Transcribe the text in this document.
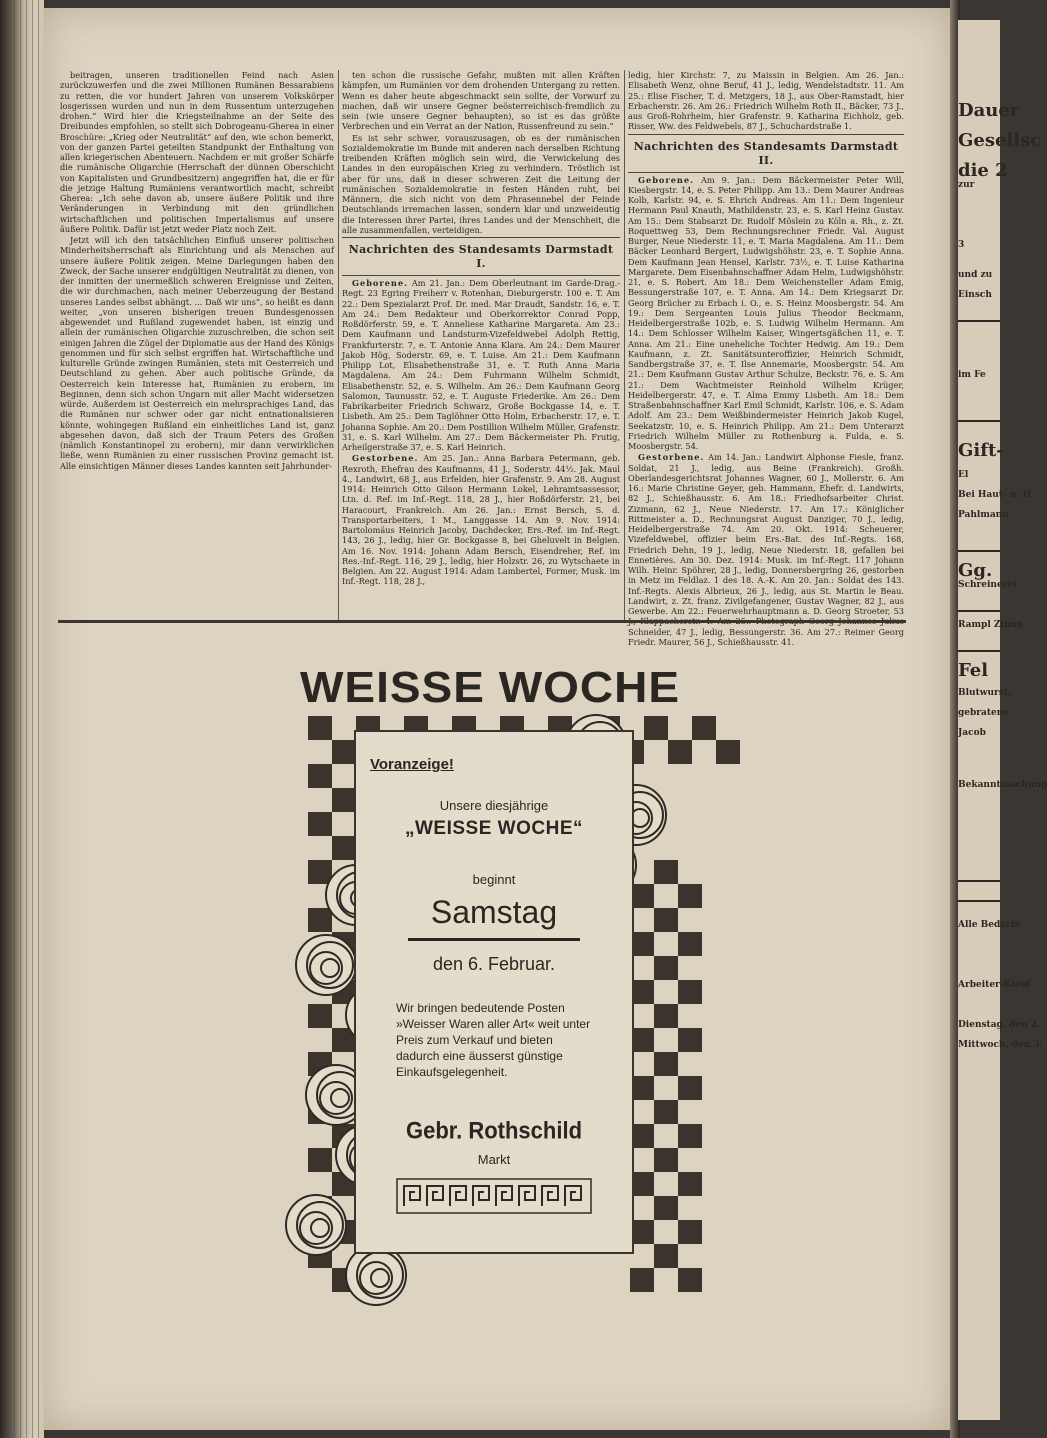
beitragen, unseren traditionellen Feind nach Asien zurückzuwerfen und die zwei Millionen Rumänen Bessarabiens zu retten, die vor hundert Jahren von unserem Volkskörper losgerissen wurden und nun in dem Russentum unterzugehen drohen.“ Wird hier die Kriegsteilnahme an der Seite des Dreibundes empfohlen, so stellt sich Dobrogeanu-Gherea in einer Broschüre: „Krieg oder Neutralität“ auf den, wie schon bemerkt, von der ganzen Partei geteilten Standpunkt der Enthaltung von allen kriegerischen Abenteuern. Nachdem er mit großer Schärfe die rumänische Oligarchie (Herrschaft der dünnen Oberschicht von Kapitalisten und Grundbesitzern) angegriffen hat, die er für die jetzige Haltung Rumäniens verantwortlich macht, schreibt Gherea: „Ich sehe davon ab, unsere äußere Politik und ihre Veränderungen in Verbindung mit den gründlichen wirtschaftlichen und politischen Imperialismus auf unsere äußere Politik. Dafür ist jetzt weder Platz noch Zeit.

Jetzt will ich den tatsächlichen Einfluß unserer politischen Minderheitsherrschaft als Einrichtung und als Menschen auf unsere äußere Politik zeigen. Meine Darlegungen haben den Zweck, der Sache unserer endgültigen Neutralität zu dienen, von der inmitten der unermeßlich schweren Ereignisse und Zeiten, die wir durchmachen, nach meiner Ueberzeugung der Bestand unseres Landes selbst abhängt. ... Daß wir uns“, so heißt es dann weiter, „von unseren bisherigen treuen Bundesgenossen abgewendet und Rußland zugewendet haben, ist einzig und allein der rumänischen Oligarchie zuzuschreiben, die schon seit einigen Jahren die Zügel der Diplomatie aus der Hand des Königs genommen und für sich selbst ergriffen hat. Wirtschaftliche und kulturelle Gründe zwingen Rumänien, stets mit Oesterreich und Deutschland zu gehen. Aber auch politische Gründe, da Oesterreich kein Interesse hat, Rumänien zu erobern, im Beginnen, denn sich schon Ungarn mit aller Macht widersetzen würde. Außerdem ist Oesterreich ein mehrsprachiges Land, das die Rumänen nur schwer oder gar nicht entnationalisieren könnte, wohingegen Rußland ein einheitliches Land ist, ganz abgesehen davon, daß sich der Traum Peters des Großen (nämlich Konstantinopel zu erobern), mir dann verwirklichen ließe, wenn Rumänien zu einer russischen Provinz gemacht ist. Alle einsichtigen Männer dieses Landes kannten seit Jahrhunder-

ten schon die russische Gefahr, mußten mit allen Kräften kämpfen, um Rumänien vor dem drohenden Untergang zu retten. Wenn es daher heute abgeschmackt sein sollte, der Vorwurf zu machen, daß wir unsere Gegner beösterreichisch-fremdlich zu sein (wie unsere Gegner behaupten), so ist es das größte Verbrechen und ein Verrat an der Nation, Russenfreund zu sein.“

Es ist sehr schwer, vorauszusagen, ob es der rumänischen Sozialdemokratie im Bunde mit anderen nach derselben Richtung treibenden Kräften möglich sein wird, die Verwickelung des Landes in den europäischen Krieg zu verhindern. Tröstlich ist aber für uns, daß in dieser schweren Zeit die Leitung der rumänischen Sozialdemokratie in festen Händen ruht, bei Männern, die sich nicht von dem Phrasennebel der Feinde Deutschlands irremachen lassen, sondern klar und unzweideutig die Interessen ihrer Partei, ihres Landes und der Menschheit, die alle zusammenfallen, verteidigen.

Nachrichten des Standesamts Darmstadt I.

Geborene. Am 21. Jan.: Dem Oberleutnant im Garde-Drag.-Regt. 23 Egring Freiherr v. Rotenhan, Dieburgerstr. 100 e. T. Am 22.: Dem Spezialarzt Prof. Dr. med. Mar Draudt, Sandstr. 16, e. T. Am 24.: Dem Redakteur und Oberkorrektor Conrad Popp, Roßdörferstr. 59, e. T. Anneliese Katharine Margareta. Am 23.: Dem Kaufmann und Landsturm-Vizefeldwebel Adolph Rettig, Frankfurterstr. 7, e. T. Antonie Anna Klara. Am 24.: Dem Maurer Jakob Hög, Soderstr. 69, e. T. Luise. Am 21.: Dem Kaufmann Philipp Lot, Elisabethenstraße 31, e. T. Ruth Anna Maria Magdalena. Am 24.: Dem Fuhrmann Wilhelm Schmidt, Elisabethenstr. 52, e. S. Wilhelm. Am 26.: Dem Kaufmann Georg Salomon, Taunusstr. 52, e. T. Auguste Friederike. Am 26.: Dem Fabrikarbeiter Friedrich Schwarz, Große Bockgasse 14, e. T. Lisbeth. Am 25.: Dem Taglöhner Otto Holm, Erbacherstr. 17, e. T. Johanna Sophie. Am 20.: Dem Postillion Wilhelm Müller, Grafenstr. 31, e. S. Karl Wilhelm. Am 27.: Dem Bäckermeister Ph. Frutig, Arheilgerstraße 37, e. S. Karl Heinrich.

Gestorbene. Am 25. Jan.: Anna Barbara Petermann, geb. Rexroth, Ehefrau des Kaufmanns, 41 J., Soderstr. 44½. Jak. Maul 4., Landwirt, 68 J., aus Erfelden, hier Grafenstr. 9. Am 28. August 1914: Heinrich Otto Gilson Hermann Lokel, Lehramtsassessor, Ltn. d. Ref. im Inf.-Regt. 118, 28 J., hier Roßdörferstr. 21, bei Haracourt, Frankreich. Am 26. Jan.: Ernst Bersch, S. d. Transportarbeiters, 1 M., Langgasse 14. Am 9. Nov. 1914: Bartolomäus Heinrich Jacoby, Dachdecker, Ers.-Ref. im Inf.-Regt. 143, 26 J., ledig, hier Gr. Bockgasse 8, bei Gheluvelt in Belgien. Am 16. Nov. 1914: Johann Adam Bersch, Eisendreher, Ref. im Res.-Inf.-Regt. 116, 29 J., ledig, hier Holzstr. 26, zu Wytschaete in Belgien. Am 22. August 1914: Adam Lambertel, Former, Musk. im Inf.-Regt. 118, 28 J.,

ledig, hier Kirchstr. 7, zu Maissin in Belgien. Am 26. Jan.: Elisabeth Wenz, ohne Beruf, 41 J., ledig, Wendelstadtstr. 11. Am 25.: Elise Fischer, T. d. Metzgers, 18 J., aus Ober-Ramstadt, hier Erbacherstr. 26. Am 26.: Friedrich Wilhelm Roth II., Bäcker, 73 J., aus Groß-Rohrheim, hier Grafenstr. 9. Katharina Eichholz, geb. Risser, Ww. des Feldwebels, 87 J., Schuchardstraße 1.

Nachrichten des Standesamts Darmstadt II.

Geborene. Am 9. Jan.: Dem Bäckermeister Peter Will, Kiesbergstr. 14, e. S. Peter Philipp. Am 13.: Dem Maurer Andreas Kolb, Karlstr. 94, e. S. Ehrich Andreas. Am 11.: Dem Ingenieur Hermann Paul Knauth, Mathildenstr. 23, e. S. Karl Heinz Gustav. Am 15.: Dem Stabsarzt Dr. Rudolf Möslein zu Köln a. Rh., z. Zt. Roquettweg 53, Dem Rechnungsrechner Friedr. Val. August Burger, Neue Niederstr. 11, e. T. Maria Magdalena. Am 11.: Dem Bäcker Leonhard Bergert, Ludwigshöhstr. 23, e. T. Sophie Anna. Dem Kaufmann Jean Hensel, Karlstr. 73½, e. T. Luise Katharina Margarete. Dem Eisenbahnschaffner Adam Helm, Ludwigshöhstr. 21, e. S. Robert. Am 18.: Dem Weichensteller Adam Emig, Bessungerstraße 107, e. T. Anna. Am 14.: Dem Kriegsarzt Dr. Georg Brücher zu Erbach i. O., e. S. Heinz Moosbergstr. 54. Am 19.: Dem Sergeanten Louis Julius Theodor Beckmann, Heidelbergerstraße 102b, e. S. Ludwig Wilhelm Hermann. Am 14.: Dem Schlosser Wilhelm Kaiser, Wingertsgäßchen 11, e. T. Anna. Am 21.: Eine uneheliche Tochter Hedwig. Am 19.: Dem Kaufmann, z. Zt. Sanitätsunteroffizier, Heinrich Schmidt, Sandbergstraße 37, e. T. Ilse Annemarie, Moosbergstr. 54. Am 21.: Dem Kaufmann Gustav Arthur Schulze, Beckstr. 76, e. S. Am 21.: Dem Wachtmeister Reinhold Wilhelm Krüger, Heidelbergerstr. 47, e. T. Alma Emmy Lisbeth. Am 18.: Dem Straßenbahnschaffner Karl Emil Schmidt, Karlstr. 106, e. S. Adam Adolf. Am 23.: Dem Weißbindermeister Heinrich Jakob Kugel, Seekatzstr. 10, e. S. Heinrich Philipp. Am 21.: Dem Unterarzt Friedrich Wilhelm Müller zu Rothenburg a. Fulda, e. S. Moosbergstr. 54.

Gestorbene. Am 14. Jan.: Landwirt Alphonse Fiesle, franz. Soldat, 21 J., ledig, aus Beine (Frankreich). Großh. Oberlandesgerichtsrat Johannes Wagner, 60 J., Mollerstr. 6. Am 16.: Marie Christine Geyer, geb. Hammann, Ehefr. d. Landwirts, 82 J., Schießhausstr. 6. Am 18.: Friedhofsarbeiter Christ. Zizmann, 62 J., Neue Niederstr. 17. Am 17.: Königlicher Rittmeister a. D., Rechnungsrat August Danziger, 70 J., ledig, Heidelbergerstraße 74. Am 20. Okt. 1914: Scheuerer, Vizefeldwebel, offizier beim Ers.-Bat. des Inf.-Regts. 168, Friedrich Dehn, 19 J., ledig, Neue Niederstr. 18, gefallen bei Ennetières. Am 30. Dez. 1914: Musk. im Inf.-Regt. 117 Johann Wilh. Heinr. Spöhrer, 28 J., ledig, Donnersbergring 26, gestorben in Metz im Feldlaz. 1 des 18. A.-K. Am 20. Jan.: Soldat des 143. Inf.-Regts. Alexis Albrieux, 26 J., ledig, aus St. Martin le Beau. Landwirt, z. Zt. franz. Zivilgefangener, Gustav Wagner, 82 J., aus Gewerbe. Am 22.: Feuerwehrhauptmann a. D. Georg Stroeter, 53 Schneider, 47 J., ledig, Bessungerstr. 36. Am 27.: Reimer Georg Friedr. Maurer, 56 J., Schießhausstr. 41.

WEISSE WOCHE
Voranzeige!
Unsere diesjährige
„WEISSE WOCHE“
beginnt
Samstag
den 6. Februar.
Wir bringen bedeutende Posten »Weisser Waren aller Art« weit unter Preis zum Verkauf und bieten dadurch eine äusserst günstige Einkaufsgelegenheit.
Gebr. Rothschild
Markt
Dauer
Gesellsc
die 2
zur
3
und zu
Einsch
im Fe
Gift-
El
Bei Haut- u. H
Pahlmann
Gg.
Schreinerei
Rampl Zimm
Fel
Blutwurst,
gebratene
Jacob
Bekanntmachung
Alle Bedarfs
Arbeiter-Kleid
Dienstag, den 2.
Mittwoch, den 3.
